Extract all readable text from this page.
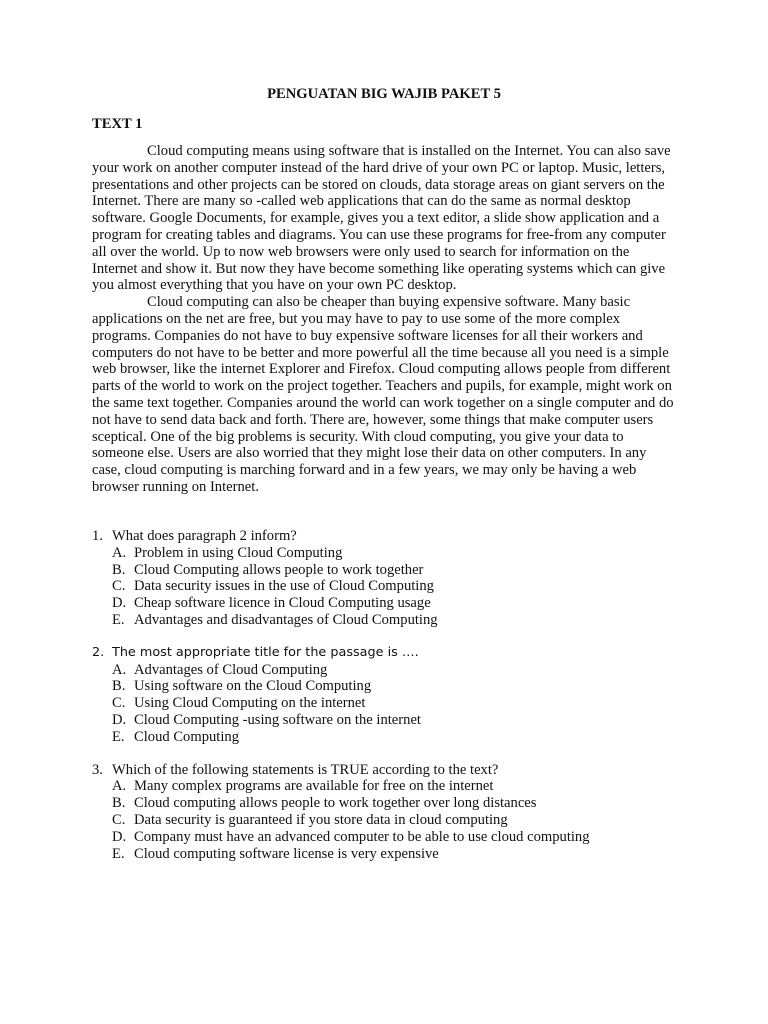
PENGUATAN BIG WAJIB PAKET 5
TEXT 1

Cloud computing means using software that is installed on the Internet. You can also save your work on another computer instead of the hard drive of your own PC or laptop. Music, letters, presentations and other projects can be stored on clouds, data storage areas on giant servers on the Internet. There are many so -called web applications that can do the same as normal desktop software. Google Documents, for example, gives you a text editor, a slide show application and a program for creating tables and diagrams. You can use these programs for free-from any computer all over the world. Up to now web browsers were only used to search for information on the Internet and show it. But now they have become something like operating systems which can give you almost everything that you have on your own PC desktop.

Cloud computing can also be cheaper than buying expensive software. Many basic applications on the net are free, but you may have to pay to use some of the more complex programs. Companies do not have to buy expensive software licenses for all their workers and computers do not have to be better and more powerful all the time because all you need is a simple web browser, like the internet Explorer and Firefox. Cloud computing allows people from different parts of the world to work on the project together. Teachers and pupils, for example, might work on the same text together. Companies around the world can work together on a single computer and do not have to send data back and forth. There are, however, some things that make computer users sceptical. One of the big problems is security. With cloud computing, you give your data to someone else. Users are also worried that they might lose their data on other computers. In any case, cloud computing is marching forward and in a few years, we may only be having a web browser running on Internet.

1. What does paragraph 2 inform?
A. Problem in using Cloud Computing
B. Cloud Computing allows people to work together
C. Data security issues in the use of Cloud Computing
D. Cheap software licence in Cloud Computing usage
E. Advantages and disadvantages of Cloud Computing
2. The most appropriate title for the passage is ….
A. Advantages of Cloud Computing
B. Using software on the Cloud Computing
C. Using Cloud Computing on the internet
D. Cloud Computing -using software on the internet
E. Cloud Computing
3. Which of the following statements is TRUE according to the text?
A. Many complex programs are available for free on the internet
B. Cloud computing allows people to work together over long distances
C. Data security is guaranteed if you store data in cloud computing
D. Company must have an advanced computer to be able to use cloud computing
E. Cloud computing software license is very expensive
